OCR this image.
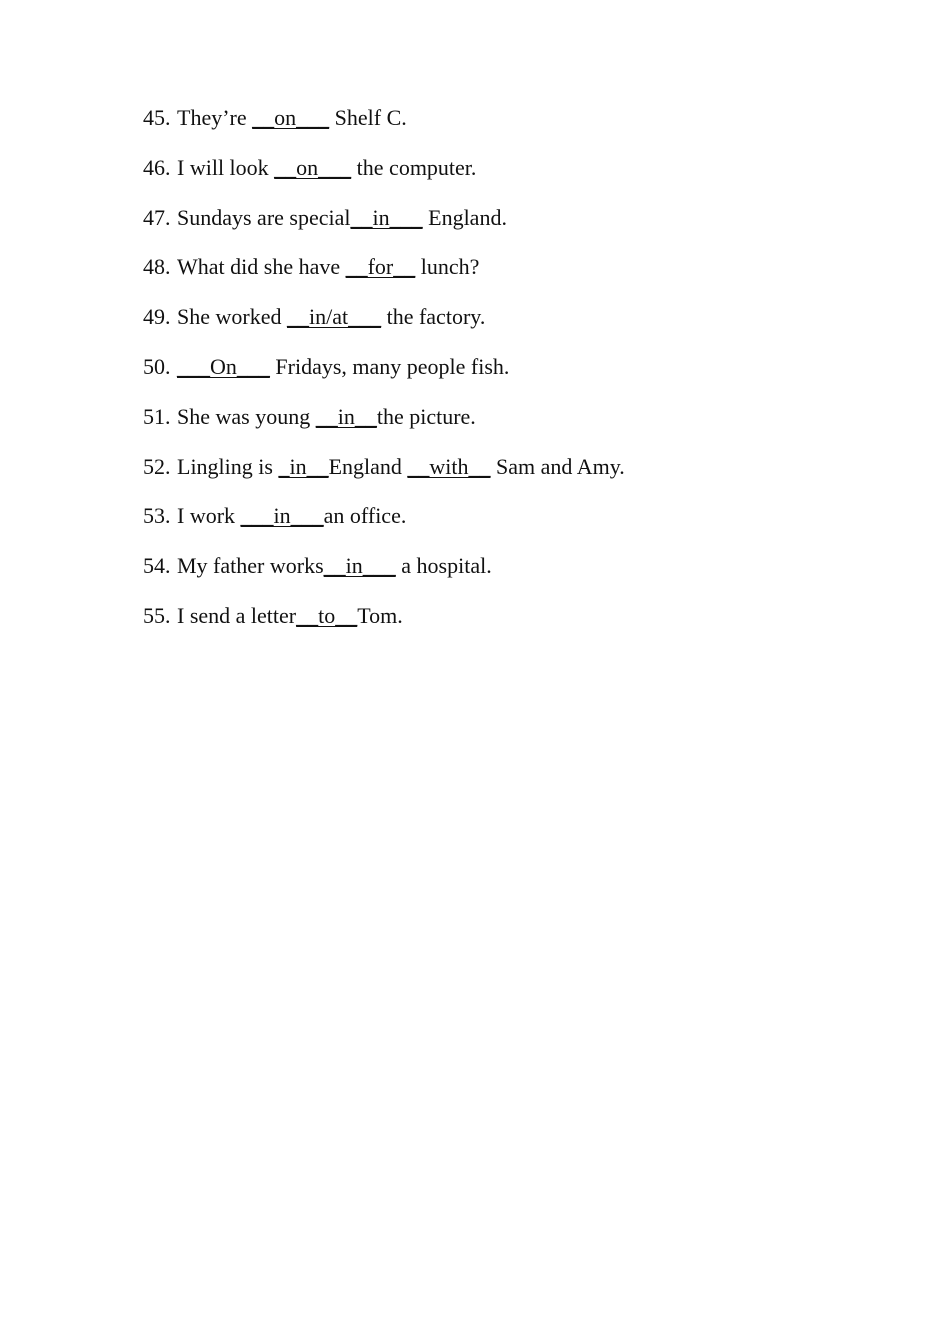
45. They’re __on___ Shelf C.
46. I will look __on___ the computer.
47. Sundays are special__in___ England.
48. What did she have __for__ lunch?
49. She worked __in/at___ the factory.
50. ___On___ Fridays, many people fish.
51. She was young __in__the picture.
52. Lingling is _in__England __with__ Sam and Amy.
53. I work ___in___an office.
54. My father works__in___ a hospital.
55. I send a letter__to__Tom.
